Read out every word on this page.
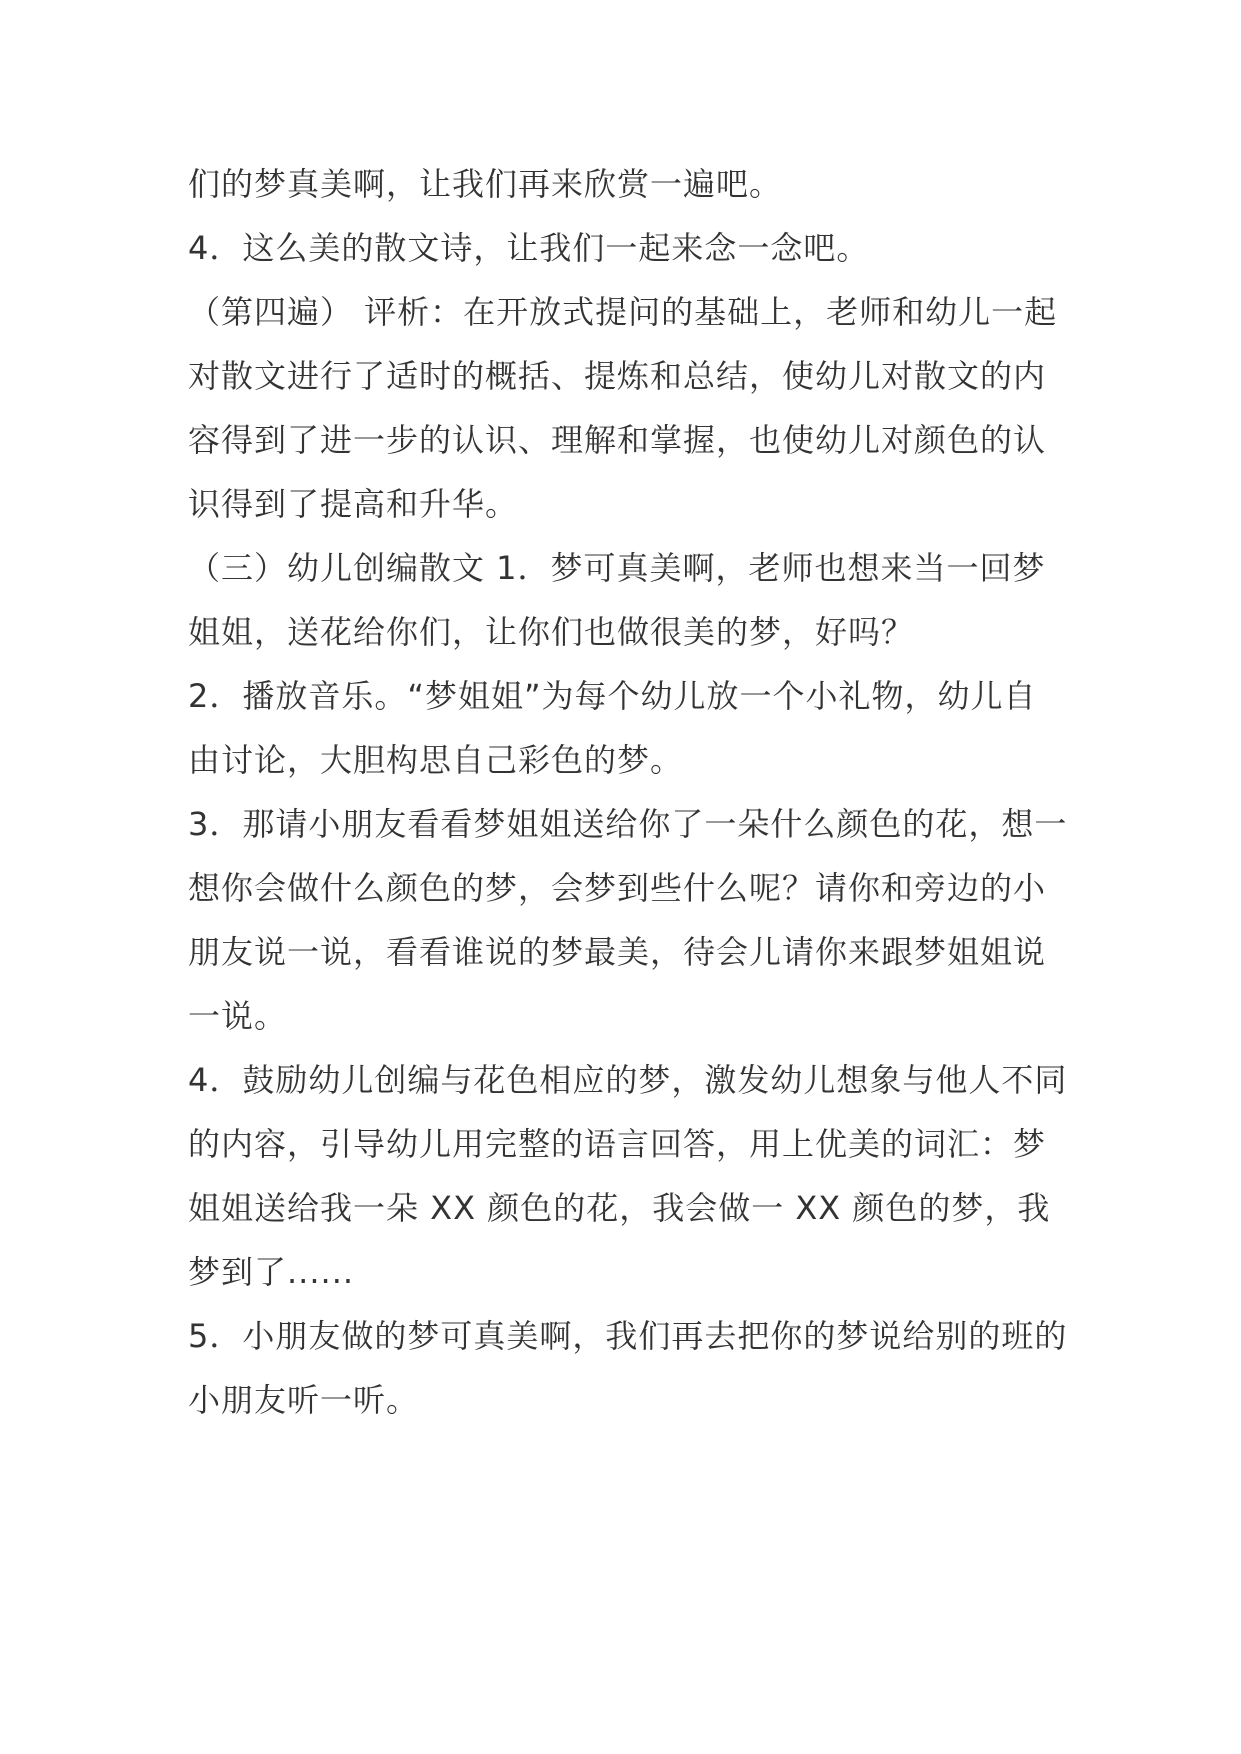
们的梦真美啊，让我们再来欣赏一遍吧。

4．这么美的散文诗，让我们一起来念一念吧。

（第四遍） 评析：在开放式提问的基础上，老师和幼儿一起对散文进行了适时的概括、提炼和总结，使幼儿对散文的内容得到了进一步的认识、理解和掌握，也使幼儿对颜色的认识得到了提高和升华。

（三）幼儿创编散文 1．梦可真美啊，老师也想来当一回梦姐姐，送花给你们，让你们也做很美的梦，好吗？

2．播放音乐。“梦姐姐”为每个幼儿放一个小礼物，幼儿自由讨论，大胆构思自己彩色的梦。

3．那请小朋友看看梦姐姐送给你了一朵什么颜色的花，想一想你会做什么颜色的梦，会梦到些什么呢？请你和旁边的小朋友说一说，看看谁说的梦最美，待会儿请你来跟梦姐姐说一说。

4．鼓励幼儿创编与花色相应的梦，激发幼儿想象与他人不同的内容，引导幼儿用完整的语言回答，用上优美的词汇：梦姐姐送给我一朵 XX 颜色的花，我会做一 XX 颜色的梦，我梦到了......

5．小朋友做的梦可真美啊，我们再去把你的梦说给别的班的小朋友听一听。
